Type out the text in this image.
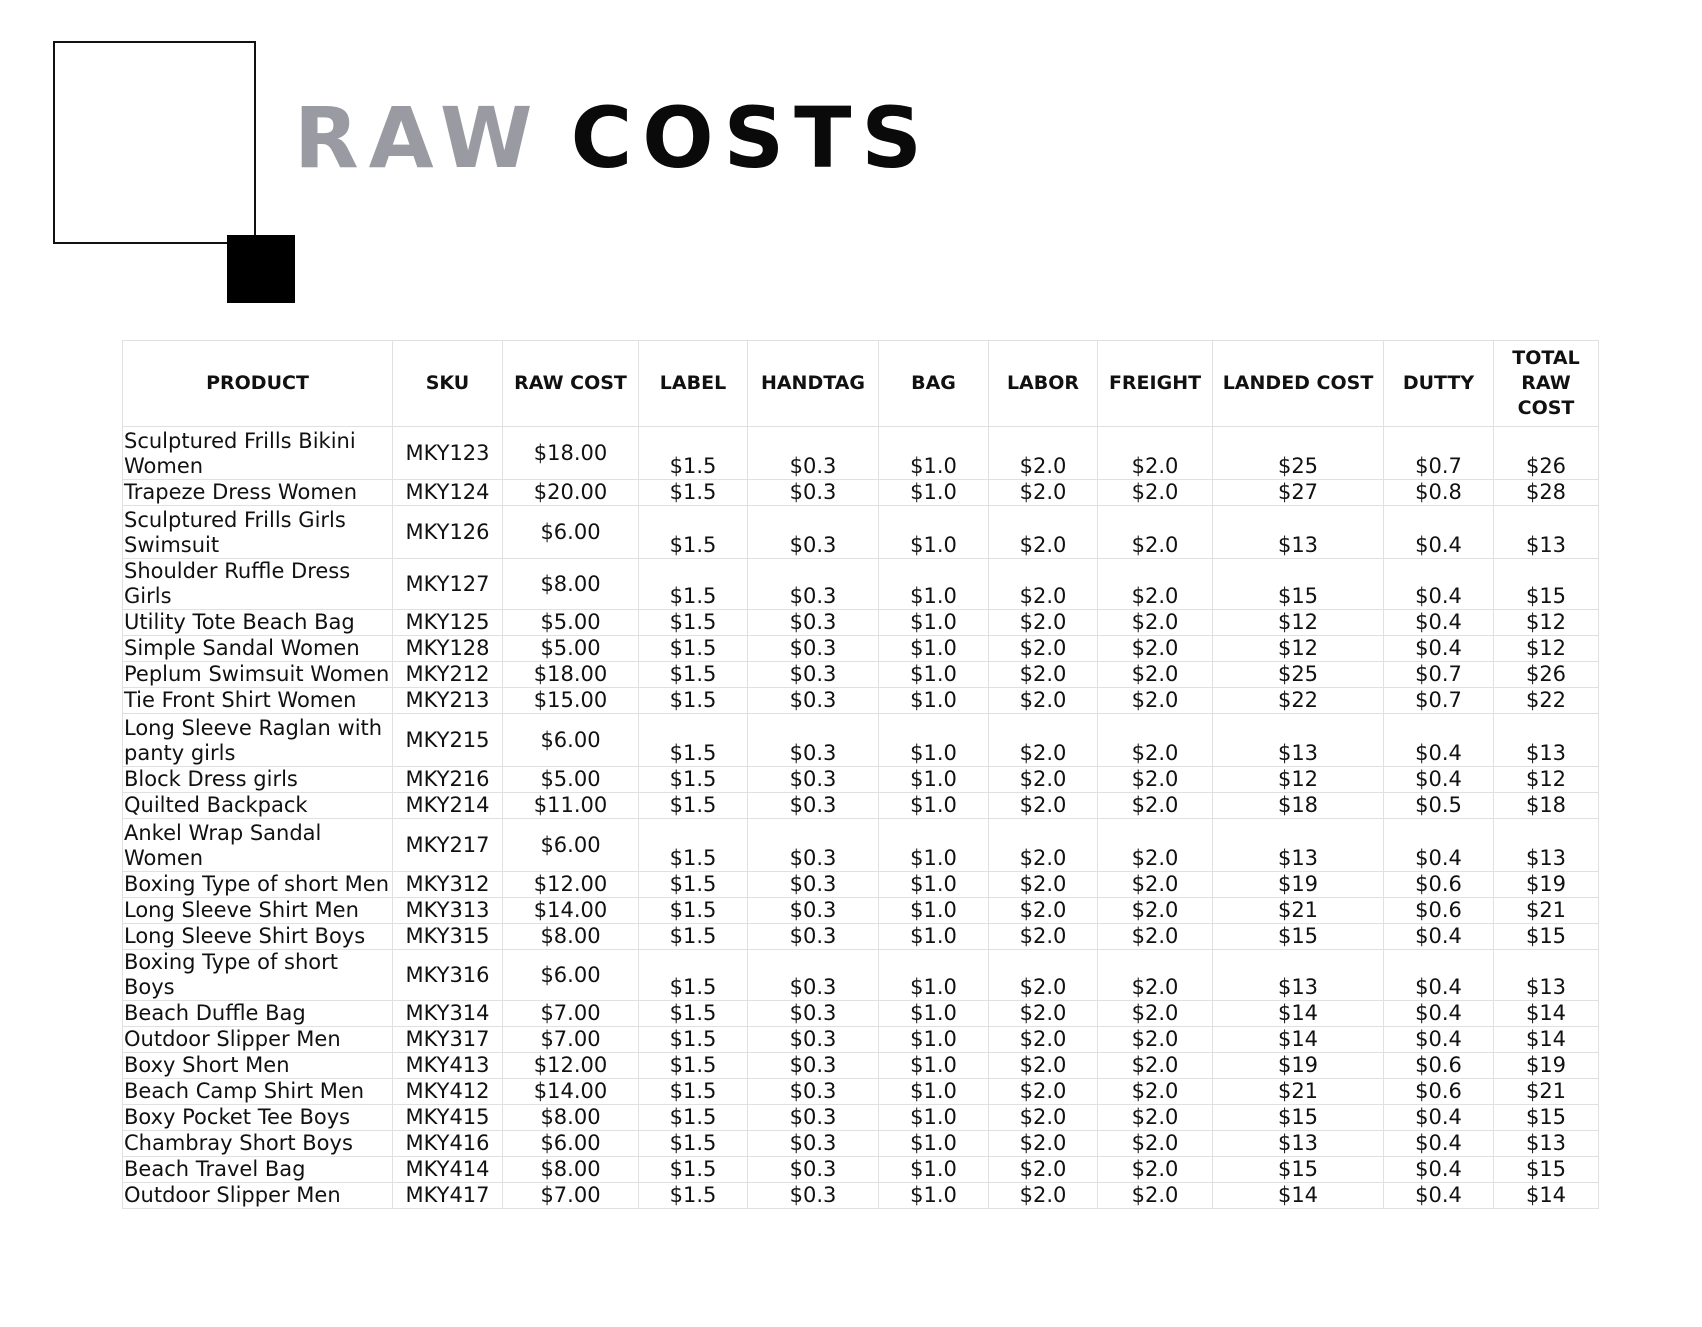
RAW COSTS
PRODUCT	SKU	RAW COST	LABEL	HANDTAG	BAG	LABOR	FREIGHT	LANDED COST	DUTTY	TOTAL RAW COST
Sculptured Frills Bikini Women	MKY123	$18.00	$1.5	$0.3	$1.0	$2.0	$2.0	$25	$0.7	$26
Trapeze Dress Women	MKY124	$20.00	$1.5	$0.3	$1.0	$2.0	$2.0	$27	$0.8	$28
Sculptured Frills Girls Swimsuit	MKY126	$6.00	$1.5	$0.3	$1.0	$2.0	$2.0	$13	$0.4	$13
Shoulder Ruffle Dress Girls	MKY127	$8.00	$1.5	$0.3	$1.0	$2.0	$2.0	$15	$0.4	$15
Utility Tote Beach Bag	MKY125	$5.00	$1.5	$0.3	$1.0	$2.0	$2.0	$12	$0.4	$12
Simple Sandal Women	MKY128	$5.00	$1.5	$0.3	$1.0	$2.0	$2.0	$12	$0.4	$12
Peplum Swimsuit Women	MKY212	$18.00	$1.5	$0.3	$1.0	$2.0	$2.0	$25	$0.7	$26
Tie Front Shirt Women	MKY213	$15.00	$1.5	$0.3	$1.0	$2.0	$2.0	$22	$0.7	$22
Long Sleeve Raglan with panty girls	MKY215	$6.00	$1.5	$0.3	$1.0	$2.0	$2.0	$13	$0.4	$13
Block Dress girls	MKY216	$5.00	$1.5	$0.3	$1.0	$2.0	$2.0	$12	$0.4	$12
Quilted Backpack	MKY214	$11.00	$1.5	$0.3	$1.0	$2.0	$2.0	$18	$0.5	$18
Ankel Wrap Sandal Women	MKY217	$6.00	$1.5	$0.3	$1.0	$2.0	$2.0	$13	$0.4	$13
Boxing Type of short Men	MKY312	$12.00	$1.5	$0.3	$1.0	$2.0	$2.0	$19	$0.6	$19
Long Sleeve Shirt Men	MKY313	$14.00	$1.5	$0.3	$1.0	$2.0	$2.0	$21	$0.6	$21
Long Sleeve Shirt Boys	MKY315	$8.00	$1.5	$0.3	$1.0	$2.0	$2.0	$15	$0.4	$15
Boxing Type of short Boys	MKY316	$6.00	$1.5	$0.3	$1.0	$2.0	$2.0	$13	$0.4	$13
Beach Duffle Bag	MKY314	$7.00	$1.5	$0.3	$1.0	$2.0	$2.0	$14	$0.4	$14
Outdoor Slipper Men	MKY317	$7.00	$1.5	$0.3	$1.0	$2.0	$2.0	$14	$0.4	$14
Boxy Short Men	MKY413	$12.00	$1.5	$0.3	$1.0	$2.0	$2.0	$19	$0.6	$19
Beach Camp Shirt Men	MKY412	$14.00	$1.5	$0.3	$1.0	$2.0	$2.0	$21	$0.6	$21
Boxy Pocket Tee Boys	MKY415	$8.00	$1.5	$0.3	$1.0	$2.0	$2.0	$15	$0.4	$15
Chambray Short Boys	MKY416	$6.00	$1.5	$0.3	$1.0	$2.0	$2.0	$13	$0.4	$13
Beach Travel Bag	MKY414	$8.00	$1.5	$0.3	$1.0	$2.0	$2.0	$15	$0.4	$15
Outdoor Slipper Men	MKY417	$7.00	$1.5	$0.3	$1.0	$2.0	$2.0	$14	$0.4	$14
